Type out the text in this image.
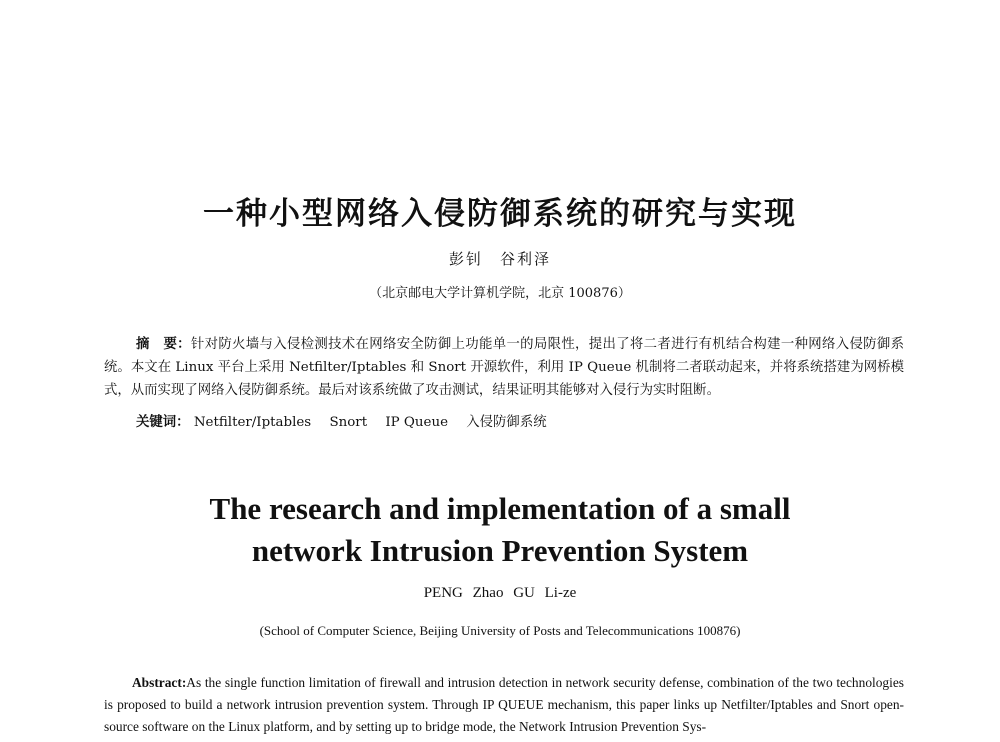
一种小型网络入侵防御系统的研究与实现
彭钊　谷利泽
（北京邮电大学计算机学院，北京 100876）
摘　要：针对防火墙与入侵检测技术在网络安全防御上功能单一的局限性，提出了将二者进行有机结合构建一种网络入侵防御系统。本文在 Linux 平台上采用 Netfilter/Iptables 和 Snort 开源软件，利用 IP Queue 机制将二者联动起来，并将系统搭建为网桥模式，从而实现了网络入侵防御系统。最后对该系统做了攻击测试，结果证明其能够对入侵行为实时阻断。
关键词： Netfilter/Iptables Snort IP Queue 入侵防御系统
The research and implementation of a small
network Intrusion Prevention System
PENG Zhao GU Li-ze
(School of Computer Science, Beijing University of Posts and Telecommunications 100876)
Abstract:As the single function limitation of firewall and intrusion detection in network security defense, combination of the two technologies is proposed to build a network intrusion prevention system. Through IP QUEUE mechanism, this paper links up Netfilter/Iptables and Snort open-source software on the Linux platform, and by setting up to bridge mode, the Network Intrusion Prevention Sys-
